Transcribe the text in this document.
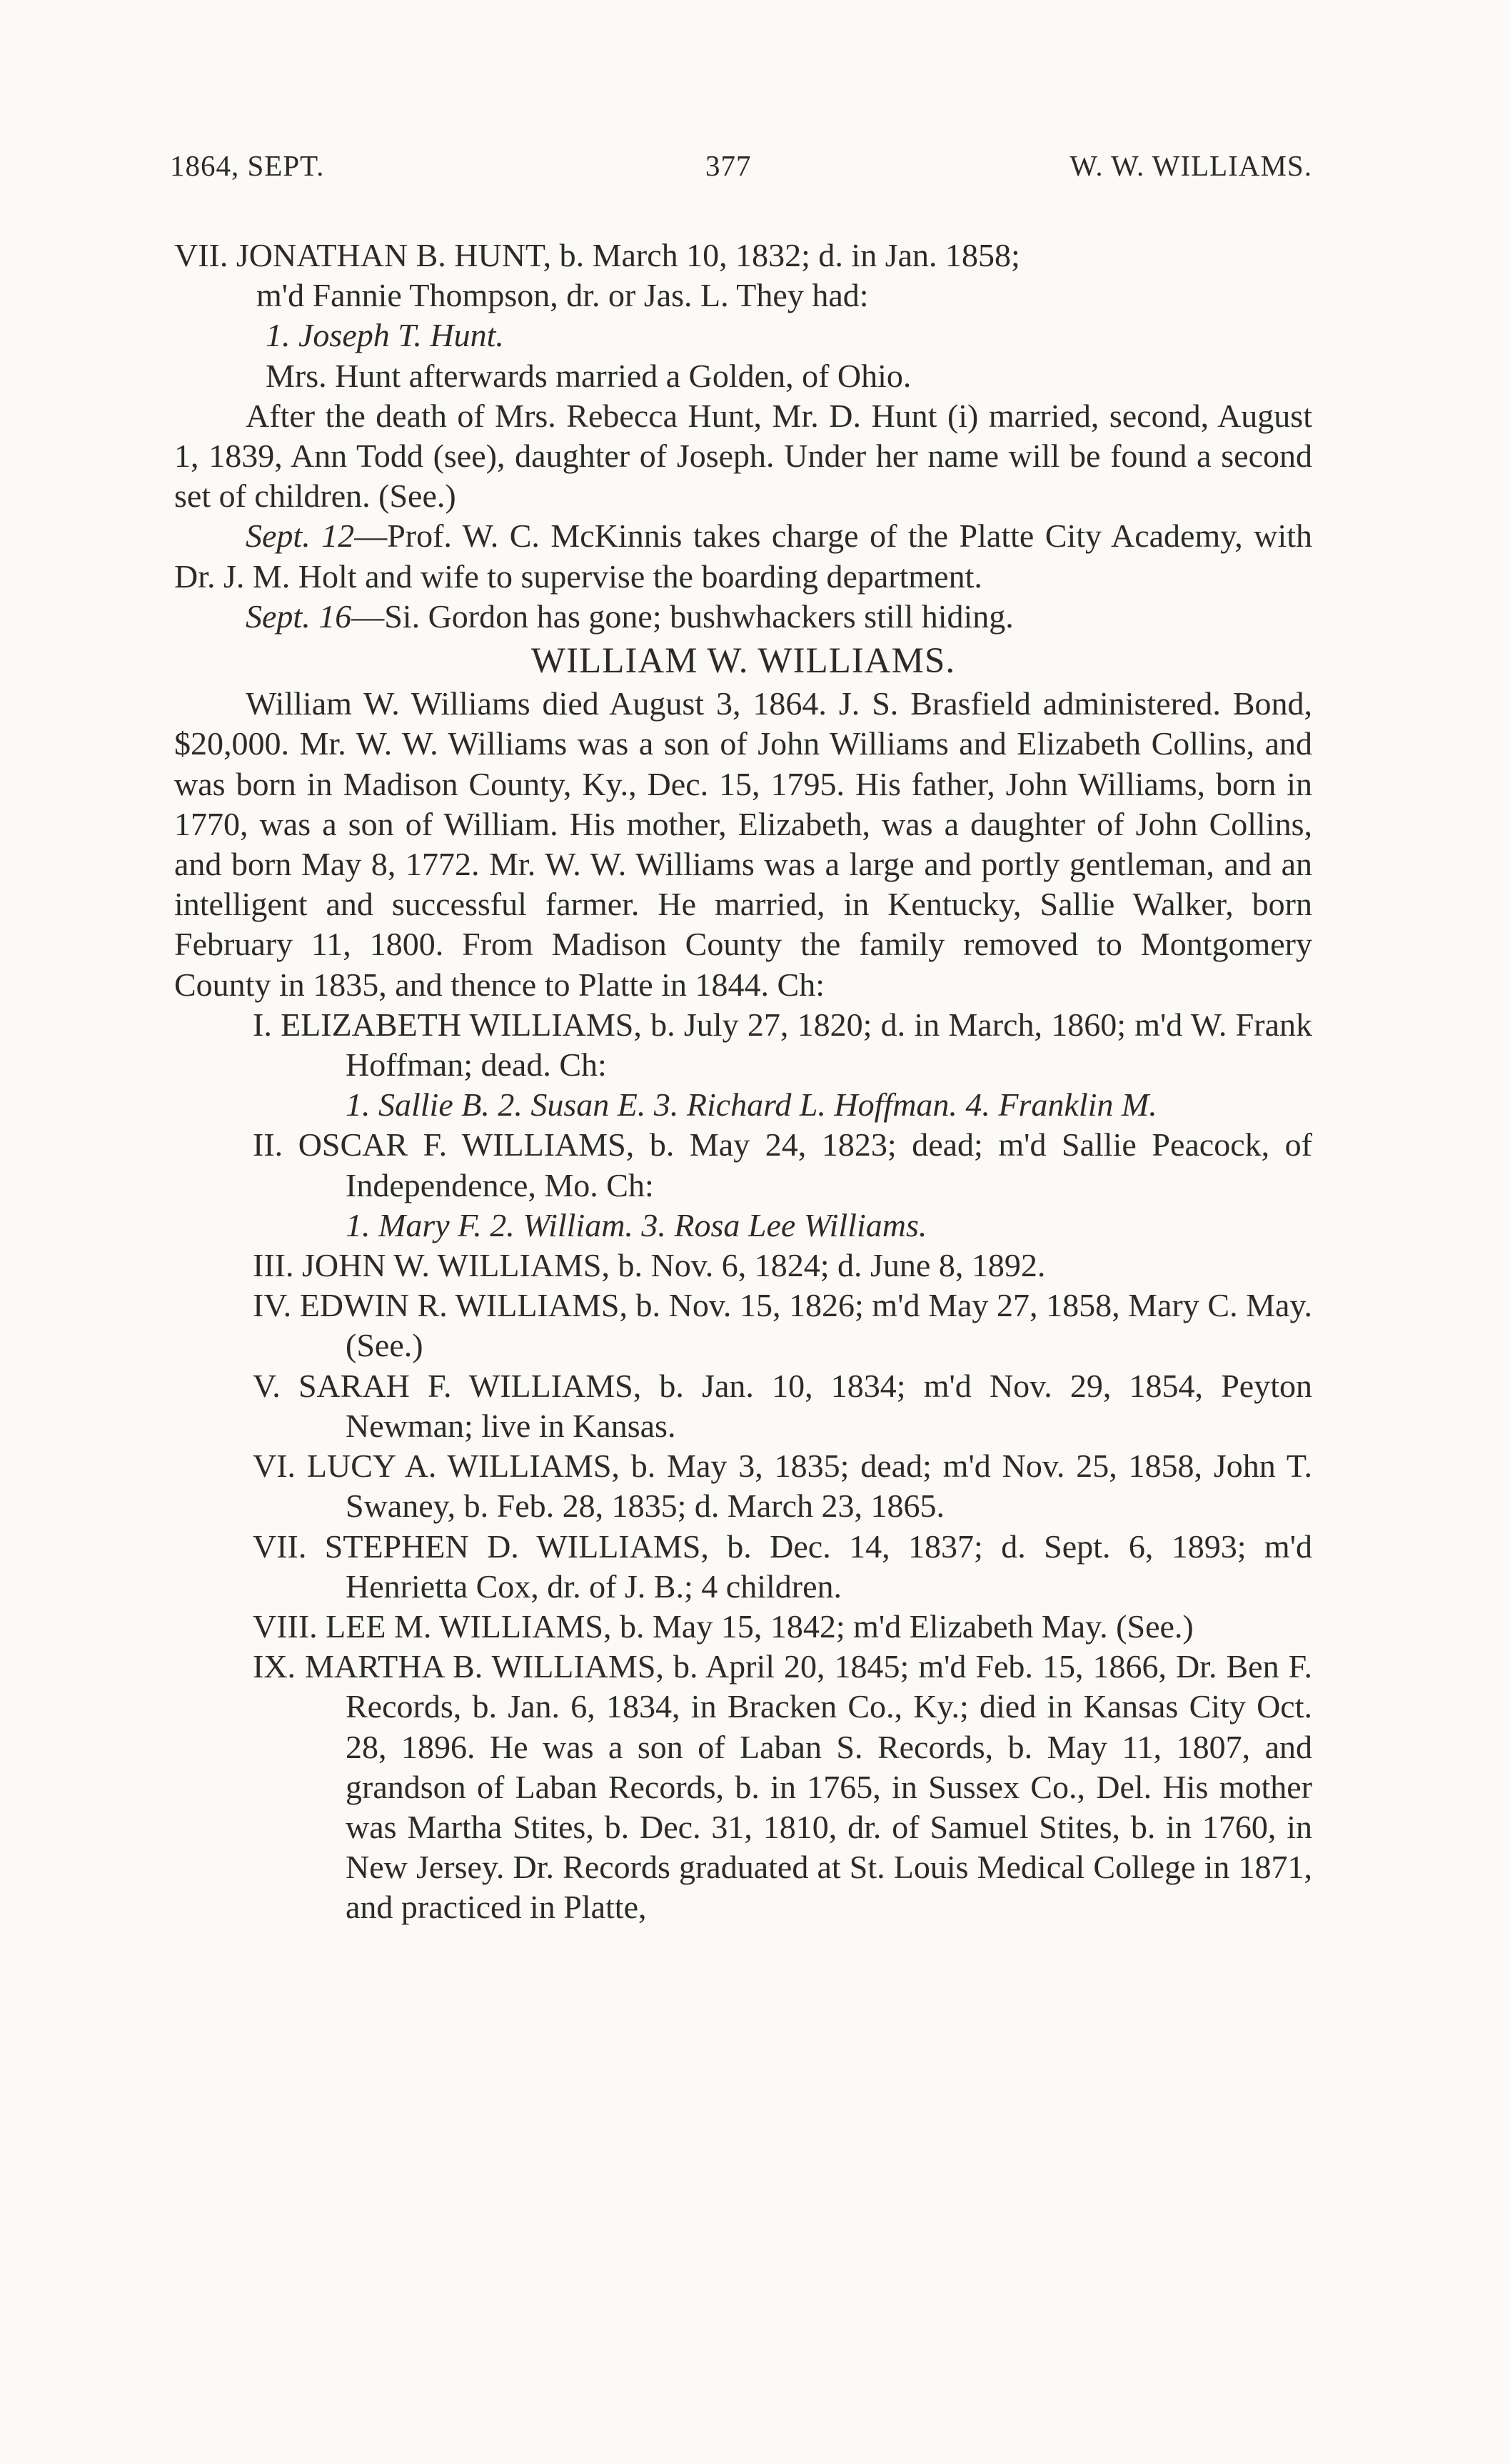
1864, SEPT.	377	W. W. WILLIAMS.

VII. JONATHAN B. HUNT, b. March 10, 1832; d. in Jan. 1858;

m'd Fannie Thompson, dr. or Jas. L. They had:

1. Joseph T. Hunt.

Mrs. Hunt afterwards married a Golden, of Ohio.

After the death of Mrs. Rebecca Hunt, Mr. D. Hunt (i) married, second, August 1, 1839, Ann Todd (see), daughter of Joseph. Under her name will be found a second set of children. (See.)

Sept. 12—Prof. W. C. McKinnis takes charge of the Platte City Academy, with Dr. J. M. Holt and wife to supervise the boarding department.

Sept. 16—Si. Gordon has gone; bushwhackers still hiding.

WILLIAM W. WILLIAMS.

William W. Williams died August 3, 1864. J. S. Brasfield administered. Bond, $20,000. Mr. W. W. Williams was a son of John Williams and Elizabeth Collins, and was born in Madison County, Ky., Dec. 15, 1795. His father, John Williams, born in 1770, was a son of William. His mother, Elizabeth, was a daughter of John Collins, and born May 8, 1772. Mr. W. W. Williams was a large and portly gentleman, and an intelligent and successful farmer. He married, in Kentucky, Sallie Walker, born February 11, 1800. From Madison County the family removed to Montgomery County in 1835, and thence to Platte in 1844. Ch:

I. ELIZABETH WILLIAMS, b. July 27, 1820; d. in March, 1860; m'd W. Frank Hoffman; dead. Ch:

1. Sallie B. 2. Susan E. 3. Richard L. Hoffman. 4. Franklin M.

II. OSCAR F. WILLIAMS, b. May 24, 1823; dead; m'd Sallie Peacock, of Independence, Mo. Ch:

1. Mary F. 2. William. 3. Rosa Lee Williams.

III. JOHN W. WILLIAMS, b. Nov. 6, 1824; d. June 8, 1892.

IV. EDWIN R. WILLIAMS, b. Nov. 15, 1826; m'd May 27, 1858, Mary C. May. (See.)

V. SARAH F. WILLIAMS, b. Jan. 10, 1834; m'd Nov. 29, 1854, Peyton Newman; live in Kansas.

VI. LUCY A. WILLIAMS, b. May 3, 1835; dead; m'd Nov. 25, 1858, John T. Swaney, b. Feb. 28, 1835; d. March 23, 1865.

VII. STEPHEN D. WILLIAMS, b. Dec. 14, 1837; d. Sept. 6, 1893; m'd Henrietta Cox, dr. of J. B.; 4 children.

VIII. LEE M. WILLIAMS, b. May 15, 1842; m'd Elizabeth May. (See.)

IX. MARTHA B. WILLIAMS, b. April 20, 1845; m'd Feb. 15, 1866, Dr. Ben F. Records, b. Jan. 6, 1834, in Bracken Co., Ky.; died in Kansas City Oct. 28, 1896. He was a son of Laban S. Records, b. May 11, 1807, and grandson of Laban Records, b. in 1765, in Sussex Co., Del. His mother was Martha Stites, b. Dec. 31, 1810, dr. of Samuel Stites, b. in 1760, in New Jersey. Dr. Records graduated at St. Louis Medical College in 1871, and practiced in Platte,
